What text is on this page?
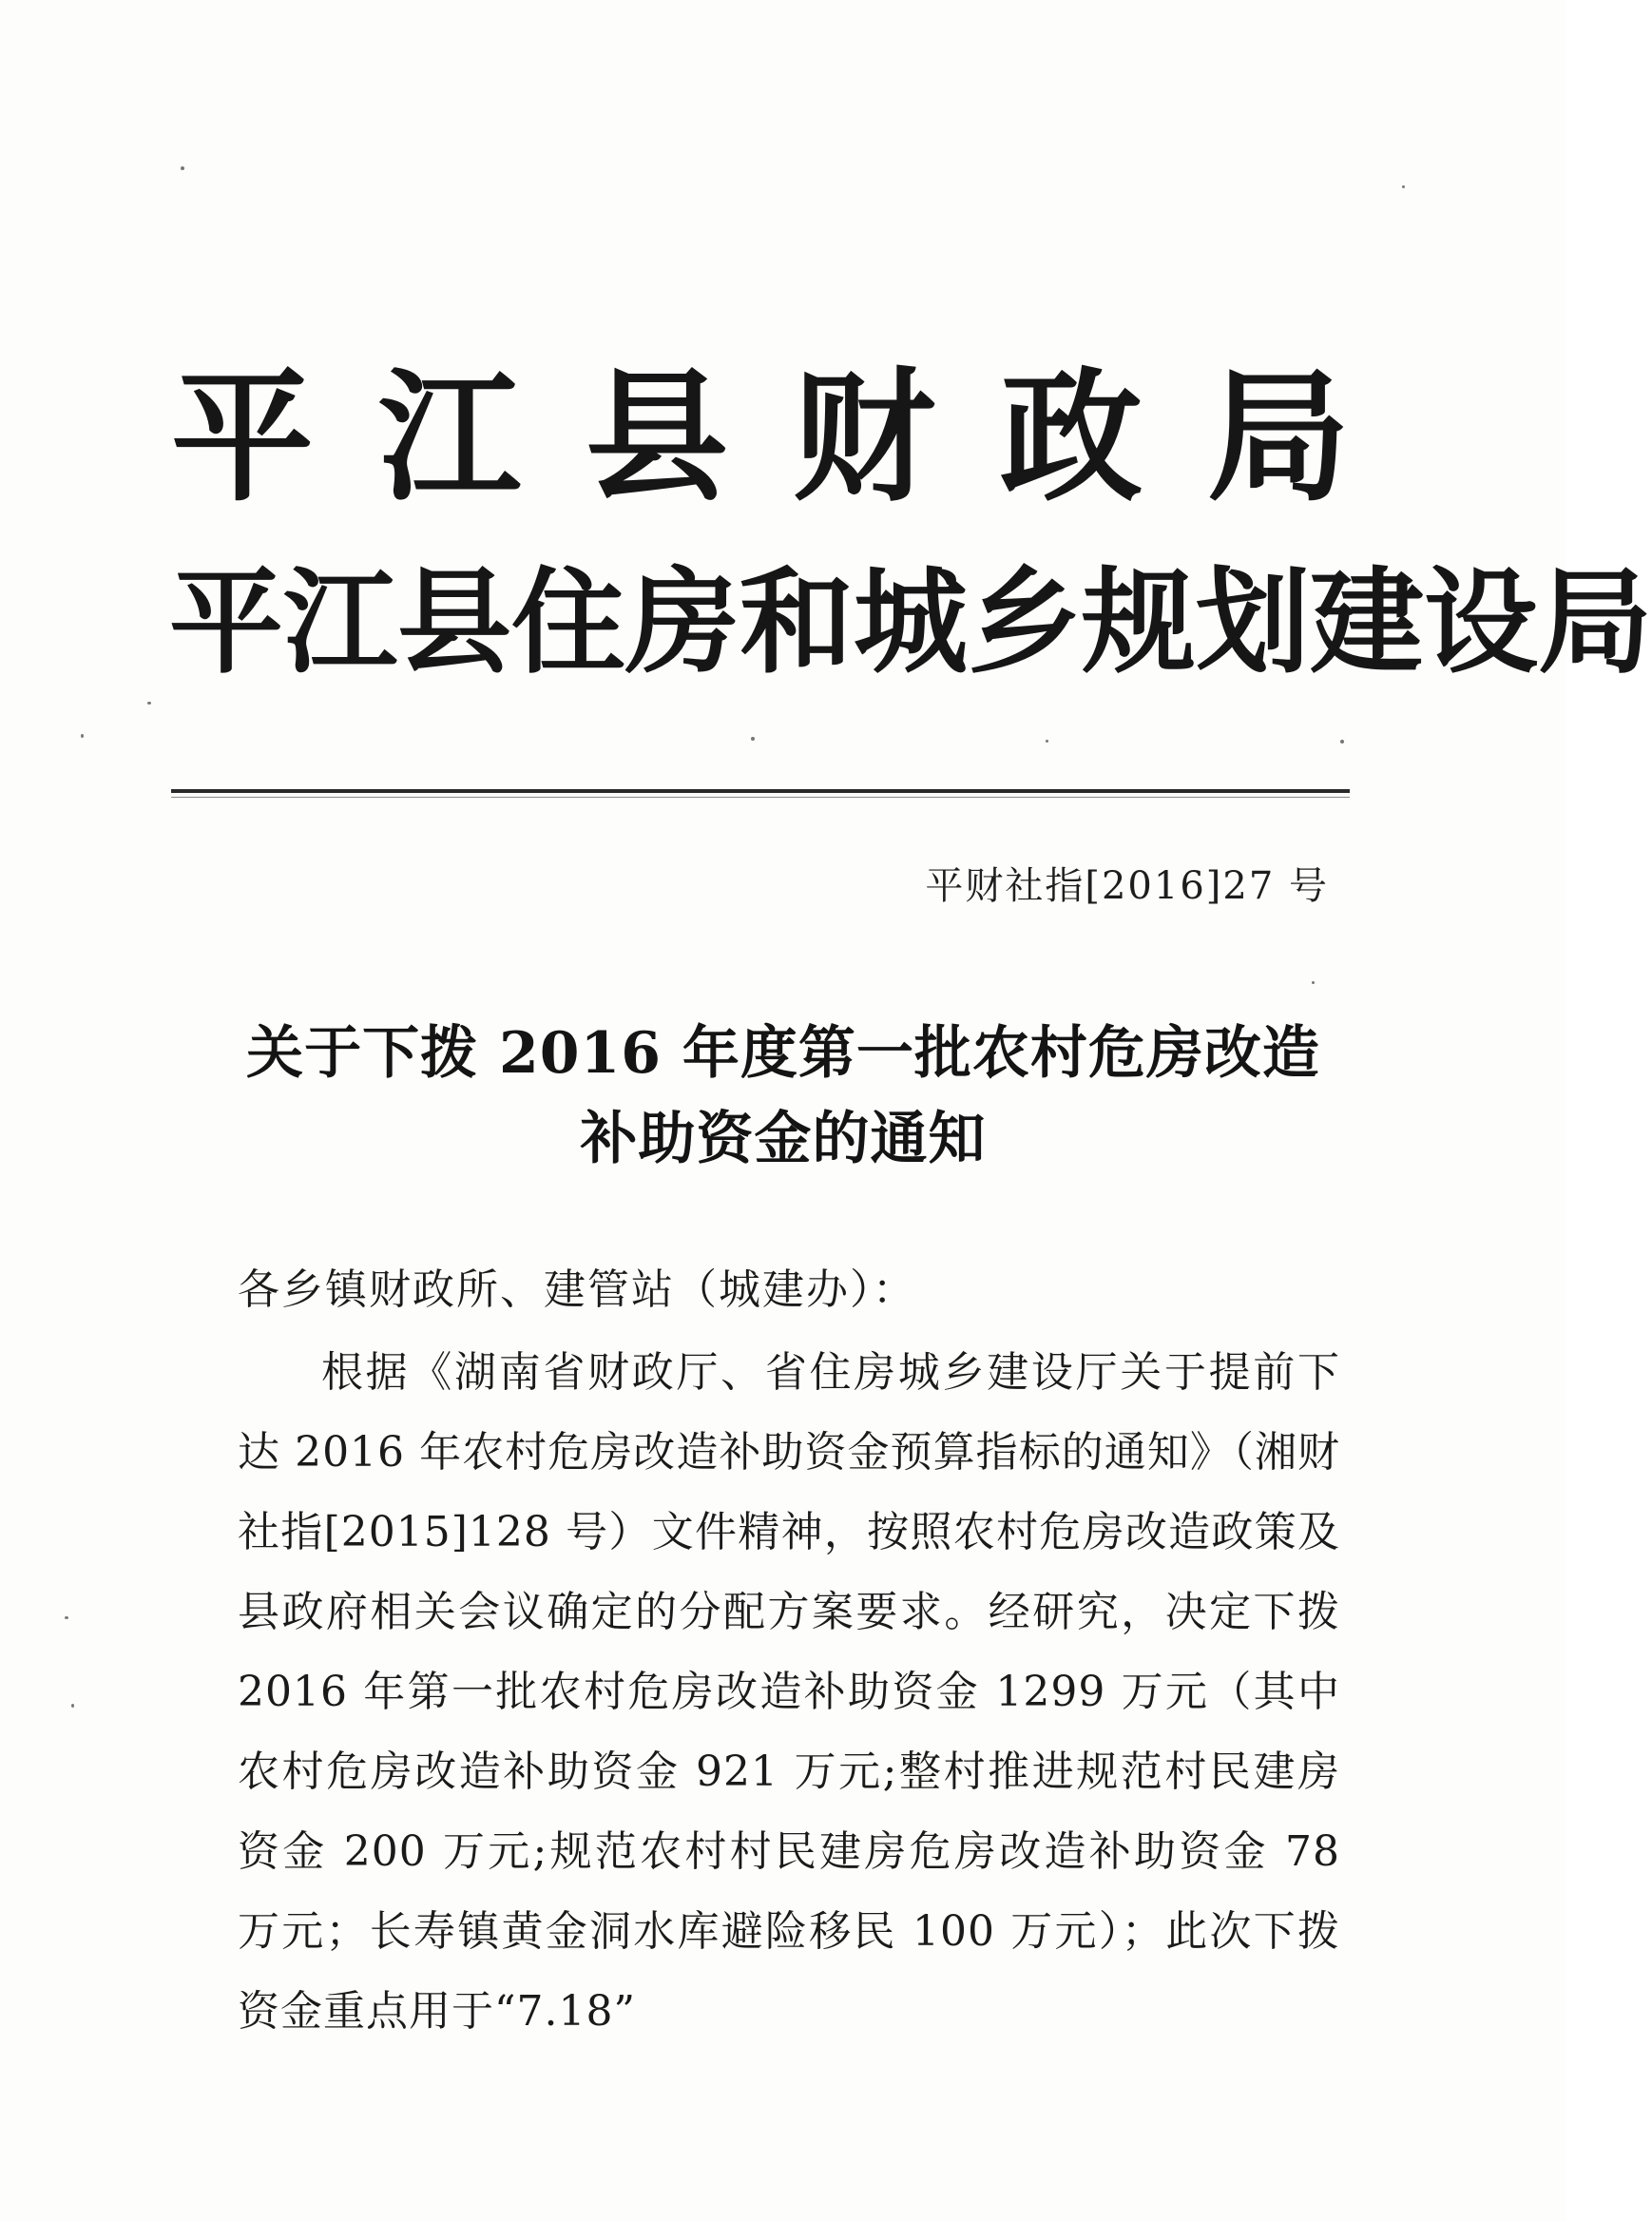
平 江 县 财 政 局
平 江 县 住 房 和 城 乡 规 划 建 设 局
平财社指[2016]27 号
关于下拨 2016 年度第一批农村危房改造
补助资金的通知
各乡镇财政所、建管站（城建办）：

根据《湖南省财政厅、省住房城乡建设厅关于提前下达 2016 年农村危房改造补助资金预算指标的通知》（湘财社指[2015]128 号）文件精神，按照农村危房改造政策及县政府相关会议确定的分配方案要求。经研究，决定下拨 2016 年第一批农村危房改造补助资金 1299 万元（其中农村危房改造补助资金 921 万元;整村推进规范村民建房资金 200 万元;规范农村村民建房危房改造补助资金 78 万元；长寿镇黄金洞水库避险移民 100 万元）；此次下拨资金重点用于“7.18”
